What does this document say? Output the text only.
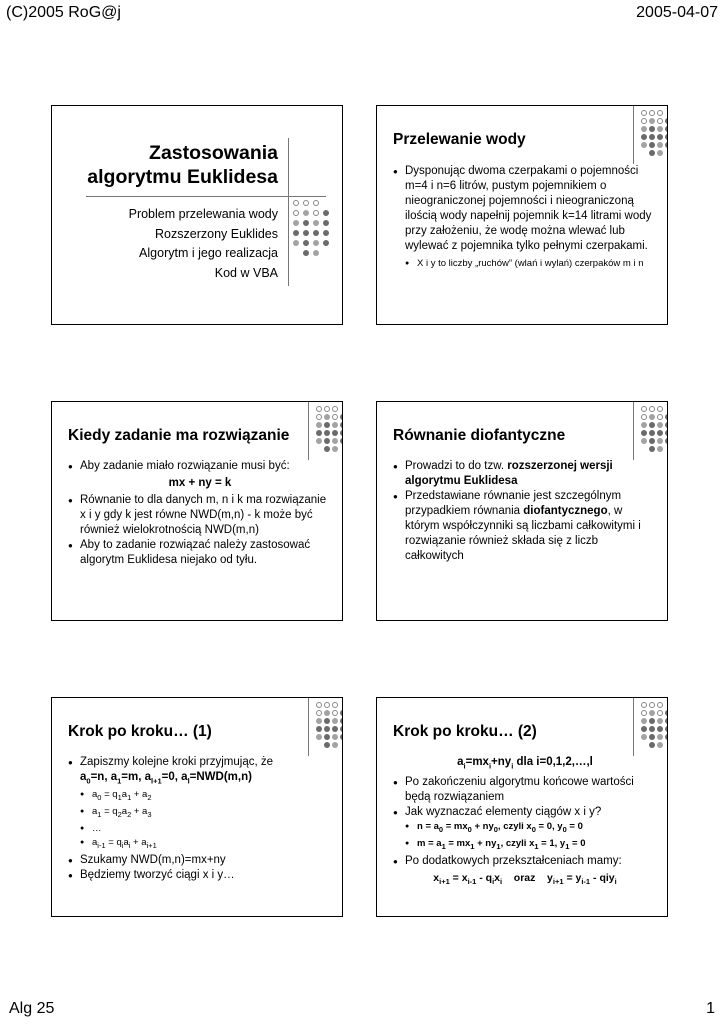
(C)2005 RoG@j	2005-04-07
Zastosowania
algorytmu Euklidesa
Problem przelewania wody
Rozszerzony Euklides
Algorytm i jego realizacja
Kod w VBA
Przelewanie wody
● Dysponując dwoma czerpakami o pojemności m=4 i n=6 litrów, pustym pojemnikiem o nieograniczonej pojemności i nieograniczoną ilością wody napełnij pojemnik k=14 litrami wody przy założeniu, że wodę można wlewać lub wylewać z pojemnika tylko pełnymi czerpakami.
● X i y to liczby „ruchów” (wlań i wylań) czerpaków m i n
Kiedy zadanie ma rozwiązanie
● Aby zadanie miało rozwiązanie musi być:
mx + ny = k
● Równanie to dla danych m, n i k ma rozwiązanie x i y gdy k jest równe NWD(m,n) - k może być również wielokrotnością NWD(m,n)
● Aby to zadanie rozwiązać należy zastosować algorytm Euklidesa niejako od tyłu.
Równanie diofantyczne
● Prowadzi to do tzw. rozszerzonej wersji algorytmu Euklidesa
● Przedstawiane równanie jest szczególnym przypadkiem równania diofantycznego, w którym współczynniki są liczbami całkowitymi i rozwiązanie również składa się z liczb całkowitych
Krok po kroku… (1)
● Zapiszmy kolejne kroki przyjmując, że
$a_0=n$, $a_1=m$, $a_{l+1}=0$, $a_l=NWD(m,n)$
● $a_0 = q_1a_1 + a_2$
● $a_1 = q_2a_2 + a_3$
● …
● $a_{i-1} = q_ia_i + a_{i+1}$
● Szukamy NWD(m,n)=mx+ny
● Będziemy tworzyć ciągi x i y…
Krok po kroku… (2)
$a_i=mx_i+ny_i$ dla i=0,1,2,…,l
● Po zakończeniu algorytmu końcowe wartości będą rozwiązaniem
● Jak wyznaczać elementy ciągów x i y?
● $n = a_0 = mx_0 + ny_0$, czyli $x_0 = 0$, $y_0 = 0$
● $m = a_1 = mx_1 + ny_1$, czyli $x_1 = 1$, $y_1 = 0$
● Po dodatkowych przekształceniach mamy:
$x_{i+1} = x_{i-1} - q_ix_i$    oraz    $y_{i+1} = y_{i-1} - qiy_i$
Alg 25	1
